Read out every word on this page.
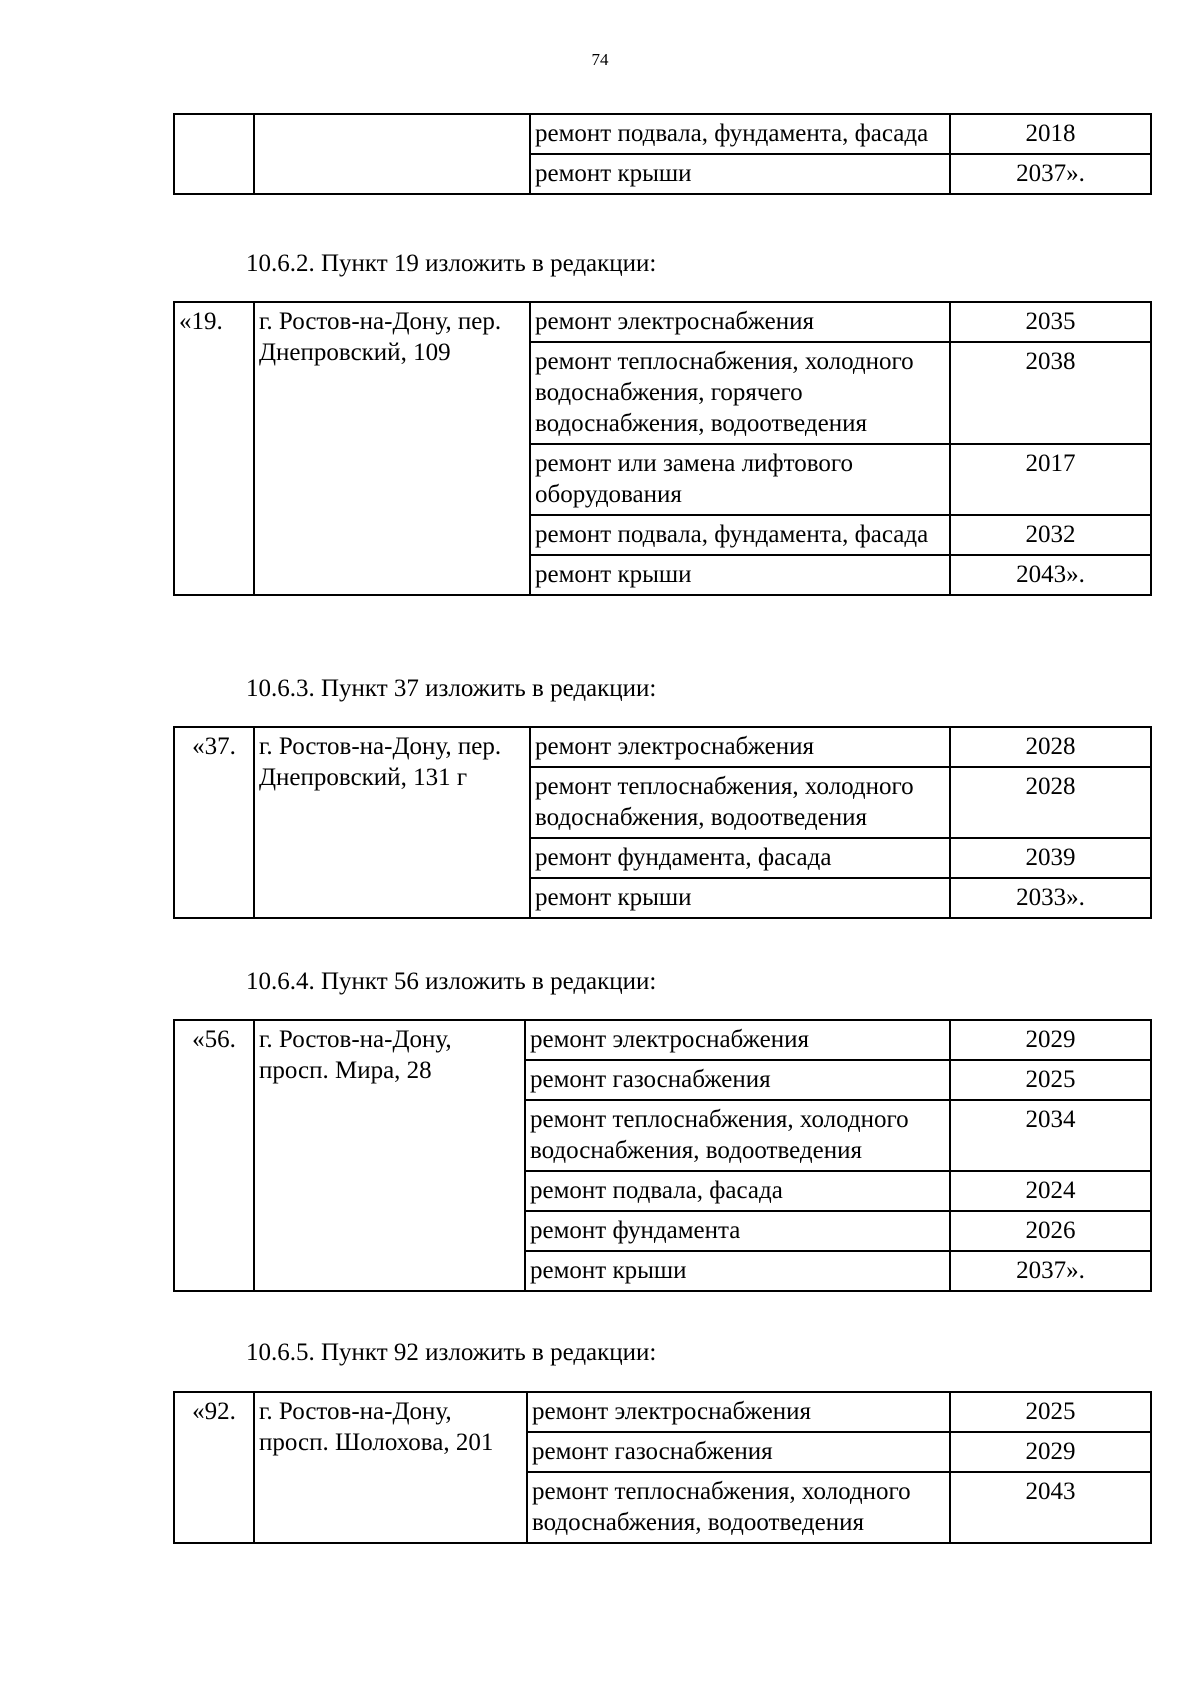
74
		ремонт подвала, фундамента, фасада	2018
		ремонт крыши	2037».
10.6.2. Пункт 19 изложить в редакции:
«19.	г. Ростов-на-Дону, пер. Днепровский, 109	ремонт электроснабжения	2035
		ремонт теплоснабжения, холодного водоснабжения, горячего водоснабжения, водоотведения	2038
		ремонт или замена лифтового оборудования	2017
		ремонт подвала, фундамента, фасада	2032
		ремонт крыши	2043».
10.6.3. Пункт 37 изложить в редакции:
«37.	г. Ростов-на-Дону, пер. Днепровский, 131 г	ремонт электроснабжения	2028
		ремонт теплоснабжения, холодного водоснабжения, водоотведения	2028
		ремонт фундамента, фасада	2039
		ремонт крыши	2033».
10.6.4. Пункт 56 изложить в редакции:
«56.	г. Ростов-на-Дону, просп. Мира, 28	ремонт электроснабжения	2029
		ремонт газоснабжения	2025
		ремонт теплоснабжения, холодного водоснабжения, водоотведения	2034
		ремонт подвала, фасада	2024
		ремонт фундамента	2026
		ремонт крыши	2037».
10.6.5. Пункт 92 изложить в редакции:
«92.	г. Ростов-на-Дону, просп. Шолохова, 201	ремонт электроснабжения	2025
		ремонт газоснабжения	2029
		ремонт теплоснабжения, холодного водоснабжения, водоотведения	2043
